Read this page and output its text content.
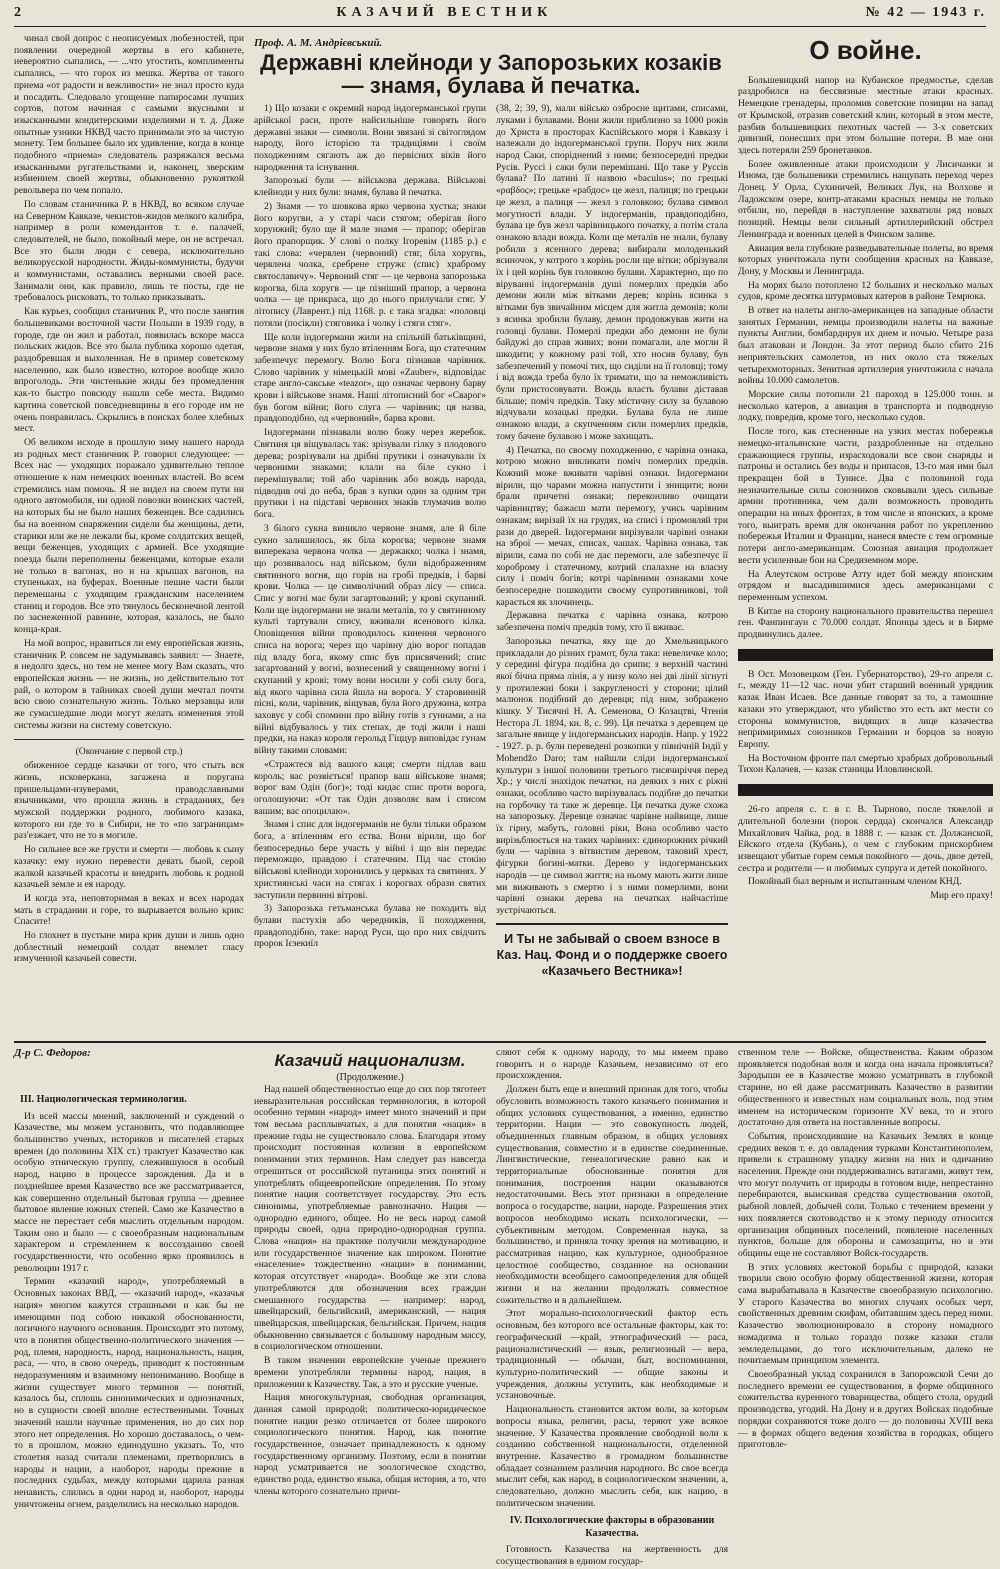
2	КАЗАЧИЙ ВЕСТНИК	№ 42 — 1943 г.

чинал свой допрос с неописуемых любезностей, при появлении очередной жертвы в его кабинете, невероятно сыпались, — ...что угостить, комплименты сыпались, — что горох из мешка. Жертва от такого приема «от радости и вежливости» не знал просто куда и посадить. Следовало угощение папиросами лучших сортов, потом начиная с самыми вкусными и изысканными кондитерскими изделиями и т. д. Даже опытные узники НКВД часто принимали это за чистую монету. Тем большее было их удивление, когда в конце подобного «приема» следователь разряжался весьма изысканными ругательствами и, наконец, зверским избиением своей жертвы, обыкновенно рукояткой револьвера по чем попало.

По словам станичника Р. в НКВД, во всяком случае на Северном Кавказе, чекистов-жидов мелкого калибра, например в роли комендантов т. е. палачей, следователей, не было, покойный мере, он не встречал. Все это были люди с севера, исключительно великорусской народности. Жиды-коммунисты, будучи и коммунистами, оставались верными своей расе. Занимали они, как правило, лишь те посты, где не требовалось рисковать, то только приказывать.

Как курьез, сообщил станичник Р., что после занятия большевиками восточной части Польши в 1939 году, в городе, где он жил и работал, появилась вскоре масса польских жидов. Все это была публика хорошо одетая, раздобревшая и выхоленная. Не в пример советскому населению, как было известно, которое вообще жило впроголодь. Эти чистенькие жиды без промедления как-то быстро повсюду нашли себе места. Видимо картина советской повседневщины в его городе им не очень понравилась. Скрылись в поисках более хлебных мест.

Об великом исходе в прошлую зиму нашего народа из родных мест станичник Р. говорил следующее: — Всех нас — уходящих поражало удивительно теплое отношение к нам немецких военных властей. Во всем стремились нам помочь. Я не видел на своем пути ни одного автомобиля, ни одной повозки воинских частей, на которых бы не было наших беженцев. Все садились бы на военном снаряжении сидели бы женщины, дети, старики или же не лежали бы, кроме солдатских вещей, вещи беженцев, уходящих с армией. Все уходящие поезда были переполнены беженцами, которые ехали не только в вагонах, но и на крышах вагонов, на ступеньках, на буферах. Военные пешие части были перемешаны с уходящим гражданским населением станиц и городов. Все это тянулось бесконечной лентой по заснеженной равнине, которая, казалось, не было конца-края.

На мой вопрос, нравиться ли ему европейская жизнь, станичник Р. совсем не задумываясь заявил: — Знаете, я недолго здесь, но тем не менее могу Вам сказать, что европейская жизнь — не жизнь, но действительно тот рай, о котором в тайниках своей души мечтал почти всю свою сознательную жизнь. Только мерзавцы или же сумасшедшие люди могут желать изменения этой системы жизни на систему советскую.

(Окончание с первой стр.)

обиженное сердце казачки от того, что стыть вся жизнь, исковеркана, загажена и поругана пришельцами-изуверами, праводславными язычниками, что прошла жизнь в страданиях, без мужской поддержки родного, любимого казака, которого ни где то в Сибири, не то «по заграницам» раз'езжает, что не то в могиле.

Но сильнее все же грусти и смерти — любовь к сыну казачку: ему нужно перевести девать быой, серой жалкой казачьей красоты и внедрить любовь к родной казачьей земле и ея народу.

И когда эта, неповторимая в веках и всех народах мать в страдании и горе, то вырывается вольно крик: Спасите!

Но глохнет в пустыне мира крик души и лишь одно доблестный немецкий солдат внемлет гласу измученной казачьей совести.

Проф. А. М. Андрієвський.
Державні клейноди у Запорозьких козаків — знамя, булава й печатка.

1) Що козаки є окремий народ індогерманської групи арійської раси, проте найсильніше говорять його державні знаки — символи. Вони звязані зі світоглядом народу, його історією та традиціями і своїм походженням сягають аж до первісних віків його народження та існування.

Запорозькі були — військова держава. Військові клейноди у них були: знамя, булава й печатка.

2) Знамя — то шовкова ярко червона хустка; знаки його коругви, а у старі часи стягом; оберігав його хорунжий; було ще й мале знамя — прапор; оберігав його прапорщик. У слові о полку Ігоревім (1185 р.) є такі слова: «червлен (червоний) стяг, біла хоругвь, червлена чолка, сребрене стружє (спис) храброму святославичу». Червоний стяг — це червона запорозька корогва, біла хоругв — це пізніший прапор, а червона чолка — це прикраса, що до нього прилучали стяг. У літопису (Лаврент.) під 1168. р. є така згадка: «половці потяли (посікли) стяговика і чолку і стяги стяг».

Ще коли індогермани жили на спільній батьківщині, червоне знамя у них було втіленням Бога, що статечним забезпечує перемогу. Волю Бога пізнавав чарівник. Слово чарівник у німецькій мові «Zauber», відповідає старе англо-сакське «teazor», що означає червону барву крови і військове знамя. Наші літописний бог «Сварог» був богом війни; його слуга — чарівник; ця назва, правдоподібно, од «червоний», барва крови.

Індогермани пізнавали волю божу через жеребок. Святиня ця віщувалась так: зрізували гілку з плодового дерева; розрізували на дрібні прутики і означували їх червоними знаками; клали на біле сукно і перемішували; той або чарівник або вождь народа, підводив очі до неба, брав з купки один за одним три прутики і на підставі червоних знаків тлумачив волю бога.

3 білого сукна виникло червоне знамя, але й біле сукно залишилось, як біла корогва; червоне знамя випереказа червона чолка — держакко; чолка і знамя, що розвивалось над військом, були відображенням святинного вогня, що горів на гробі предків, і барві крови. Чолка — це символічний образ лісу — списа. Спис у вогні має були загартований; у крові скупаний. Коли ще індогермани не знали металів, то у святинному культі тартували спису, вживали ясенового кілка. Оповіщення війни проводилось кинення червоного списа на ворога; через що чарівну дію ворог попадав під владу бога, якому спис був присвячений; спис загартований у вогні, вознесений у священному вогні і скупаний у крові; тому вони носили у собі силу бога, від якого чарівна сила йшла на ворога. У старовинній пісні, коли, чарівник, віщував, була його дружина, котра заховує у собі спомини про війну готів з гуннами, а на війні відбувалось у тих степах, де тоді жили і наші предки, на наказ короля герольд Гіццур виповідає гунам війну такими словами:

«Стражтеся від вашого каця; смерти підлав ваш король; вас розвіється! прапор ваш військове знамя; ворог вам Одін (бог)»; тоді кидає спис проти ворога, оголошуючи: «От так Одін дозволяє вам і списом вашим; вас опоцилаю».

Знамя і спис для індогерманів не були тільки образом бога, а втіленням его єства. Вони вірили, що бог безпосередньо бере участь у війні і що він передає переможцю, правдою і статечним. Під час стокію військові клейноди хоронились у церквах та святинях. У християнські часи на стягах і корогвах образи святих заступили первинні вітрові.

3) Запорозька гетьманська булава не походить від булави пастухів або чередників, її походження, правдоподібно, таке: народ Руси, що про них свідчить пророк Ієзекиїл

(38, 2; 39, 9), мали військо озброєне щитами, списами, луками і булавами. Вони жили приблизно за 1000 років до Христа в просторах Каспійського моря і Кавказу і належали до індогерманської групи. Поруч них жили народ Саки, споріднений з ними; безпосередні предки Русів. Руссі і саки були перемішані. Що таке у Руссів булава? По латині її назвою «baculus»; по грецькі «ραβδος»; грецьке «рабдос» це жезл, палиця; по грецьки це жезл, а палиця — жезл з головкою; булава символ могутності влади. У індогерманів, правдоподібно, булава це був жезл чарівницького початку, а потім стала ознакою влади вожда. Коли ще металів не знали, булаву робили з ясенного дерева; вибирали молоденький ясиночок, у котрого з корінь росли ще вітки; обрізували їх і цей корінь був головкою булави. Характерно, що по віруванні індогерманів душі померлих предків або демони жили між вітками дерев; корінь ясинка з вітками був звичайним місцем для житла демонів; коли з ясинка зробили булаву, демон продовжував жити на головці булави. Померлі предки або демони не були байдужі до справ живих; вони помагали, але могли й шкодити; у кожному разі той, хто носив булаву, був забезпечений у помочі тих, що сиділи на її головці; тому і від вожда треба було їх тримати, що за неможливість були пристосовувати. Вождь власть булави діставав більше; поміч предків. Таку містичну силу за булавою відчували козацькі предки. Булава була не лише ознакою влади, а скупченням сили померлих предків, тому бачене булавою і може захищать.

4) Печатка, по своєму походженню, є чарівна ознака, котрою можно викликати поміч померлих предків. Кожний може вживати чарівні ознаки. Індогермани вірили, що чарами можна напустити і знищити; вони брали причетні ознаки; переконливо очищати чарівництву; бажаєш мати перемогу, учись чарівним ознакам; вирізай їх на грудях, на списі і промовляй три рази до дверей. Індогермани вирізували чарівні ознаки на зброї — мечах, списах, чашах. Чарівна ознака, так вірили, сама по собі не дає перемоги, але забезпечує її хороброму і статечному, котрий спалахне на власну силу і поміч богів; котрі чарівними ознаками хоче безпосередне пошкодити своєму супротивникові, той карається як злочинець.

Державна печатка є чарівна ознака, котрою забезпечена поміч предків тому, хто її вживає.

Запорозька печатка, яку ще до Хмельницького прикладали до різних грамот, була така: невеличке коло; у середині фігура подібна до срипи; з верхній частині якої бічна пряма лінія, а у низу коло неі дві лінії зігнуті у протилежні боки і закругленості у сторони; цілий малюнок подібний до деревця; під ним, зображено кішку. У Тисячні Н. А. Семенова, О Козацтві, Чтенія Нестора Л. 1894, кн. 8, с. 99). Ця печатка з деревцем це загальне явище у індогерманських народів. Напр. у 1922 - 1927. р. р. були переведені розкопки у північній Індії у Mohendžo Daro; там найшли сліди індогерманської культури з іншої половини третього тисячиріччя перед Хр.; у числі знахідок печатки, на деяких з них є ріжні ознаки, особливо часто вирізувалась подібне до печатки на горбочку та таке ж деревце. Ця печатка дуже схожа на запорозьку. Деревце означає чарівне найвище, лише їх гірну, мабуть, головні ріки, Вона особливо часто вирізьблюється на таких чарівних: єдинорожних річкий були — чарівна з вітвистим деревом, таковий хрест, фігурки богині-матки. Дерево у індогерманських народів — це символ життя; на ньому мають жити лише ми виживають з смертю і з ними померлими, вони чарівні ознаки дерева на печатках найчастіше зустрічаються.

И Ты не забывай о своем взносе в Каз. Нац. Фонд и о поддержке своего «Казачьего Вестника»!
О войне.

Большевицкий напор на Кубанское предмостье, сделав раздробился на бессвязные местные атаки красных. Немецкие гренадеры, проломив советские позиции на запад от Крымской, отразив советский клин, который в этом месте, разбив большевицких пехотных частей — 3-х советских дивизий, понесших при этом большие потери. В мае они здесь потеряли 259 бронетанков.

Более оживленные атаки происходили у Лисичанки и Изюма, где большевики стремились нащупать переход через Донец. У Орла, Сухиничей, Великих Лук, на Волхове и Ладожском озере, контр-атаками красных немцы не только отбили, но, перейдя в наступление захватили ряд новых позиций. Немцы вели сильный артиллерийский обстрел Ленинграда и военных целей в Финском заливе.

Авиация вела глубокие разведывательные полеты, во время которых уничтожала пути сообщения красных на Кавказе, Дону, у Москвы и Ленинграда.

На морях было потоплено 12 больших и несколько малых судов, кроме десятка штурмовых катеров в районе Темрюка.

В ответ на налеты англо-американцев на западные области занятых Германии, немцы производили налеты на важные пункты Англии, бомбардируя их днем и ночью. Четыре раза был атакован и Лондон. За этот период было сбито 216 неприятельских самолетов, из них около ста тяжелых четырехмоторных. Зенитная артиллерия уничтожила с начала войны 10.000 самолетов.

Морские силы потопили 21 пароход в 125.000 тонн. и несколько катеров, а авиация в транспорта и подводную лодку, повредив, кроме того, несколько судов.

После того, как стесненные на узких местах побережья немецко-итальянские части, раздробленные на отдельно сражающиеся группы, израсходовали все свои снаряды и патроны и остались без воды и припасов, 13-го мая ими был прекращен бой в Тунисе. Два с половиной года незначительные силы союзников сковывали здесь сильные армии противника, чем дали возможность проводить операции на иных фронтах, в том числе и японских, а кроме того, выиграть время для окончания работ по укреплению побережья Италии и Франции, нанеся вместе с тем огромные потери англо-американцам. Союзная авиация продолжает вести усиленные бои на Средиземном море.

На Алеутском острове Атту идет бой между японским отрядом и высадившимися здесь американцами с переменным успехом.

В Китае на сторону национального правительства перешел ген. Фанпингаун с 70.000 солдат. Японцы здесь и в Бирме продвинулись далее.

В Ост. Мозовецком (Ген. Губернаторство), 29-го апреля с. г., между 11—12 час. ночи убит старший военный урядник казак Иван Исаев. Все данные говорят за то, а тамошние казаки это утверждают, что убийство это есть акт мести со стороны коммунистов, видящих в лице казачества непримиримых союзников Германии и борцов за новую Европу.

На Восточном фронте пал смертью храбрых добровольный Тихон Калачев, — казак станицы Иловлинской.

26-го апреля с. г. в г. В. Тырново, после тяжелой и длительной болезни (порок сердца) скончался Александр Михайлович Чайка, род. в 1888 г. — казак ст. Должанской, Ейского отдела (Кубань), о чем с глубоким прискорбием извещают убитые горем семья покойного — дочь, двое детей, сестра и родители — и любимых супруга и детей покойного.

Покойный был верным и испытанным членом КНД.

Мир его праху!

Д-р С. Федоров:
III. Нациологическая терминология.

Из всей массы мнений, заключений и суждений о Казачестве, мы можем установить, что подавляющее большинство ученых, историков и писателей старых времен (до половины XIX ст.) трактует Казачество как особую этническую группу, слежившуюся в особый народ, нацию в процессе зарождения. Да и в позднейшее время Казачество все же рассматривается, как совершенно отдельный бытовая группа — древнее бытовое явление южных степей. Само же Казачество в массе не перестает себя мыслить отдельным народом. Таким оно и было — с своеобразным национальным характером и стремлением к воссозданию своей государственности, что особенно ярко проявилось в революции 1917 г.

Термин «казачий народ», употребляемый в Основных законах ВВД, — «казачий народ», «казачья нация» многим кажутся страшными и как бы не имеющими под собою никакой обоснованности, логичного научного основания. Происходит это потому, что в понятия общественно-политического значения — род, племя, народность, народ, национальность, нация, раса, — что, в свою очередь, приводит к постоянным недоразумениям и взаимному непониманию. Вообще в жизни существует много терминов — понятий, казалось бы, сплошь синонимических и однозначных, но в сущности своей вполне естественными. Точных значений нашли научные применения, но до сих пор этого нет определения. Но хорошо доставалось, о чем-то в прошлом, можно единодушно указать. То, что столетия назад считали племенами, претворились в народы и нации, а наоборот, народы прежние в последних судьбах, между которыми царила разная ненависть, слились в одни народ и, наоборот, народы уничтожены огнем, разделились на несколько народов.

Казачий национализм.
(Продолжение.)

Над нашей общественностью еще до сих пор тяготеет невыразительная российская терминология, в которой особенно термин «народ» имеет много значений и при том весьма расплывчатых, а для понятия «нация» в прежние годы не существовало слова. Благодаря этому происходит постоянная колизия в европейском понимании этих терминов. Нам следует раз навсегда отрешиться от российской путаницы этих понятий и употреблять общеевропейские определения. По этому понятие нация соответствует государству. Это есть синонимы, употребляемые равнозначно. Нация — однородно единого, общее. Но не весь народ самой природы своей, одна природно-однородная группа. Слова «нация» на практике получили международное или государственное значение как широком. Понятие «население» тождественно «нации» в понимании, которая отсутствует «народа». Вообще же эти слова употребляются для обозначения всех граждан смешанного государства — например: народ, швейцарский, бельгийский, американский, — нация швейцарская, швейцарская, бельгийская. Причем, нация обыкновенно связывается с большому народным массу, в социологическом отношении.

В таком значении европейские ученые прежнего времени употребляли термины народ, нация, в приложении к Казачеству. Так, а это и русские ученые.

Нация многокультурная, свободная организация, данная самой природой; политическо-юридическое понятие нации резко отличается от более широкого социологического понятия. Народ, как понятие государственное, означает принадлежность к одному государственному организму. Поэтому, если в понятии народ усматривается не зоологическое сходство, единство рода, единство языка, общая история, а то, что члены которого сознательно причи-

сляют себя к одному народу, то мы имеем право говорить и о народе Казачьем, независимо от его происхождения.

Должен быть еще и внешний признак для того, чтобы обусловить возможность такого казачьего понимания и общих условиях существования, а именно, единство территории. Нация — это совокупность людей, объединенных главным образом, в общих условиях существования, совместно и в единстве соединенные. Лингвистические, генеалогические равно как и территориальные обоснованные понятия для понимания, построения нации оказываются недостаточными. Весь этот признаки в определение вопроса о государстве, нации, народе. Разрешения этих вопросов необходимо искать психологически, — субъективным методом. Современная наука, за большинство, и приняла точку зрения на мотивацию, и рассматривая нацию, как культурное, однообразное целостное сообщество, созданное на основании необходимости всеобщего самоопределения для общей жизни и на желании продолжать совместное сожительство и в дальнейшем.

Этот морально-психологический фактор есть основным, без которого все остальные факторы, как то: географический —край, этнографический — раса, рационалистический — язык, религиозный — вера, традиционный — обычаи, быт, воспоминания, культурно-политический — общие законы и учреждения, должны уступить, как необходимые и установочные.

Национальность становится актом воли, за которым вопросы языка, религии, расы, теряют уже всякое значение. У Казачества проявление свободной воли к созданию собственной национальности, отделенной внутренне. Казачество в громадном большинстве обладает сознанием различия народного. Вс свое всегда мыслит себя, как народ, в социологическом значении, а, следовательно, должно мыслить себя, как нацию, в политическом значении.

IV. Психологические факторы в образовании Казачества.

Готовность Казачества на жертвенность для сосуществования в едином государ-

ственном теле — Войске, общественства. Каким образом проявляется подобная воля и когда она начала проявляться? Зародыши ее в Казачестве можно усматривать в глубокой старине, но ей даже рассматривать Казачество в развитии общественного и известных нам социальных воль, под этим именем на историческом горизонте XV века, то и этого достаточно для ответа на поставленные вопросы.

События, происходившие на Казачьих Землях в конце средних веков т. е. до овладения турками Константинополем, привели к страшному упадку жизни на них и одичанию населения. Прежде они поддерживались ватагами, живут тем, что могут получить от природы в готовом виде, непрестанно перебираются, выискивая средства существования охотой, рыбной ловлей, добычей соли. Только с течением времени у них появляется скотоводство и к этому периоду относится организация общинных поселений, появление населенных пунктов, больше для обороны и самозащиты, но и эти общины еще не составляют Войск-государств.

В этих условиях жестокой борьбы с природой, казаки творили свою особую форму общественной жизни, которая сама вырабатывала в Казачестве своеобразную психологию. У старого Казачества во многих случаях особых черт, свойственных древним скифам, обитавшим здесь перед ними. Казачество эволюционировало в сторону номадного номадизма и только гораздо позже казаки стали земледельцами, до того исключительным, далеко не почитаемым принципом элемента.

Своеобразный уклад сохранился в Запорожской Сечи до последнего времени ее существования, в форме общинного сожительства куренного товарищества, общего стола, орудий производства, угодий. На Дону и в других Войсках подобные порядки сохраняются тоже долго — до половины XVIII века — в формах общего ведения хозяйства в городках, общего приготовле-
